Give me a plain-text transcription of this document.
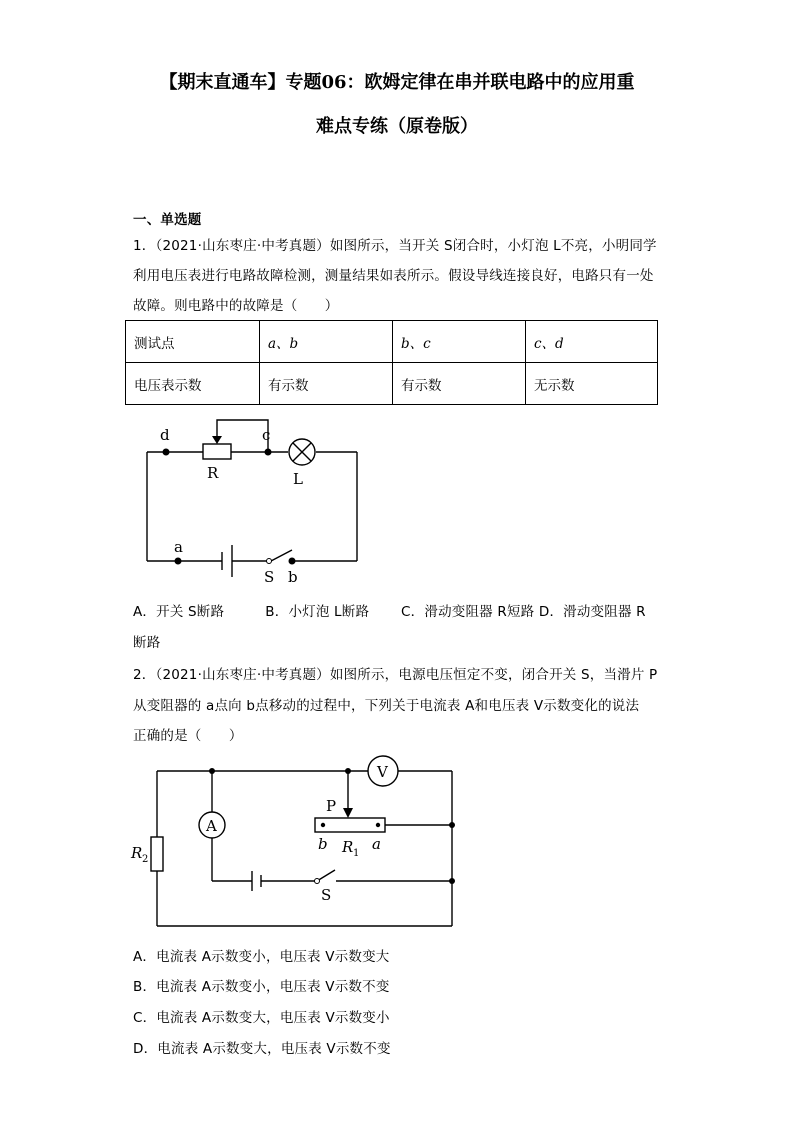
【期末直通车】专题06：欧姆定律在串并联电路中的应用重
难点专练（原卷版）
一、单选题
1．（2021·山东枣庄·中考真题）如图所示，当开关 S闭合时，小灯泡 L不亮，小明同学
利用电压表进行电路故障检测，测量结果如表所示。假设导线连接良好，电路只有一处
故障。则电路中的故障是（　　）
测试点	a、b	b、c	c、d
电压表示数	有示数	有示数	无示数
d	c
R	L
a
S b
A．开关 S断路　　　B．小灯泡 L断路　　 C．滑动变阻器 R短路 D．滑动变阻器 R
断路
2．（2021·山东枣庄·中考真题）如图所示，电源电压恒定不变，闭合开关 S，当滑片 P
从变阻器的 a点向 b点移动的过程中，下列关于电流表 A和电压表 V示数变化的说法
正确的是（　　）
V
A
P
b R 1
a
R 2
S
A．电流表 A示数变小，电压表 V示数变大
B．电流表 A示数变小，电压表 V示数不变
C．电流表 A示数变大，电压表 V示数变小
D．电流表 A示数变大，电压表 V示数不变
